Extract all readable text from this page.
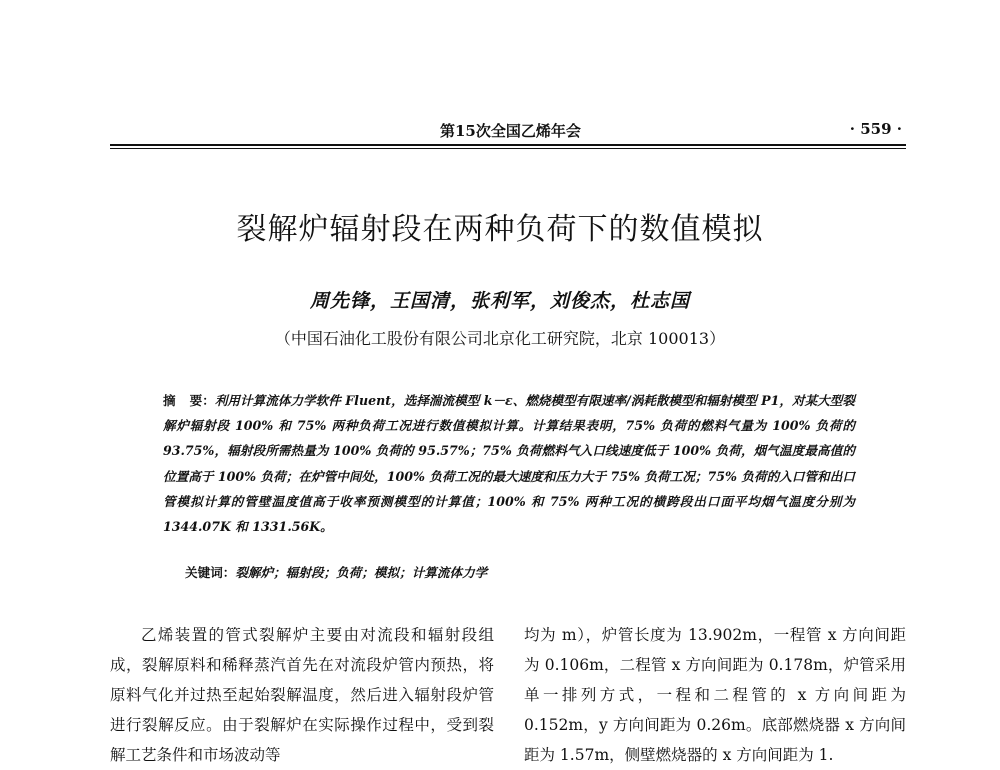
第15次全国乙烯年会	· 559 ·
裂解炉辐射段在两种负荷下的数值模拟
周先锋，王国清，张利军，刘俊杰，杜志国
（中国石油化工股份有限公司北京化工研究院，北京 100013）
摘 要：利用计算流体力学软件 Fluent，选择湍流模型 k－ε、燃烧模型有限速率/涡耗散模型和辐射模型 P1，对某大型裂解炉辐射段 100% 和 75% 两种负荷工况进行数值模拟计算。计算结果表明，75% 负荷的燃料气量为 100% 负荷的 93.75%，辐射段所需热量为 100% 负荷的 95.57%；75% 负荷燃料气入口线速度低于 100% 负荷，烟气温度最高值的位置高于 100% 负荷；在炉管中间处，100% 负荷工况的最大速度和压力大于 75% 负荷工况；75% 负荷的入口管和出口管模拟计算的管壁温度值高于收率预测模型的计算值；100% 和 75% 两种工况的横跨段出口面平均烟气温度分别为 1344.07K 和 1331.56K。
关键词：裂解炉；辐射段；负荷；模拟；计算流体力学

乙烯装置的管式裂解炉主要由对流段和辐射段组成，裂解原料和稀释蒸汽首先在对流段炉管内预热，将原料气化并过热至起始裂解温度，然后进入辐射段炉管进行裂解反应。由于裂解炉在实际操作过程中，受到裂解工艺条件和市场波动等

均为 m），炉管长度为 13.902m，一程管 x 方向间距为 0.106m，二程管 x 方向间距为 0.178m，炉管采用单一排列方式，一程和二程管的 x 方向间距为 0.152m，y 方向间距为 0.26m。底部燃烧器 x 方向间距为 1.57m，侧壁燃烧器的 x 方向间距为 1.
